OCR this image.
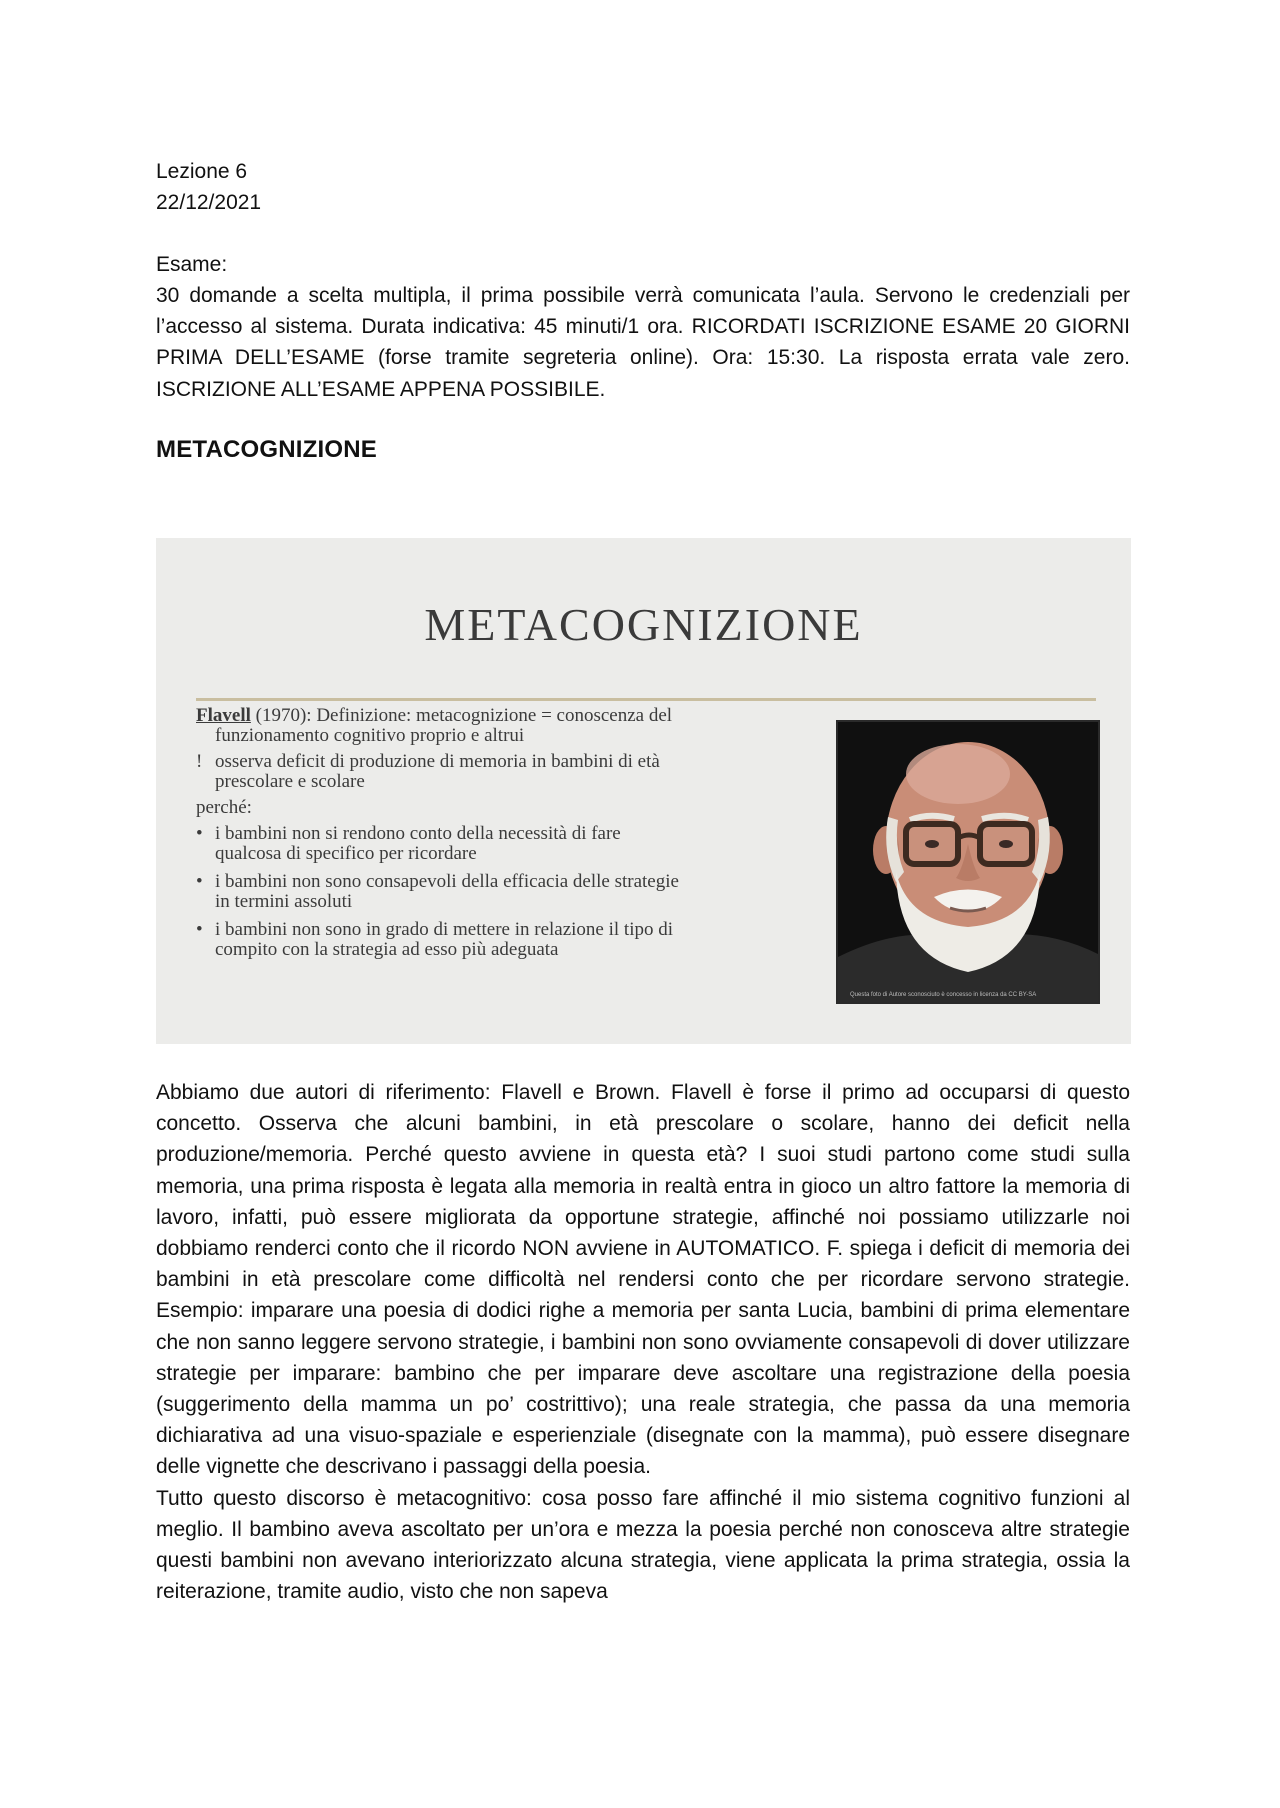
Lezione 6

22/12/2021

Esame:

30 domande a scelta multipla, il prima possibile verrà comunicata l’aula. Servono le credenziali per l’accesso al sistema. Durata indicativa: 45 minuti/1 ora. RICORDATI ISCRIZIONE ESAME 20 GIORNI PRIMA DELL’ESAME (forse tramite segreteria online). Ora: 15:30. La risposta errata vale zero. ISCRIZIONE ALL’ESAME APPENA POSSIBILE.

METACOGNIZIONE

METACOGNIZIONE

Flavell (1970): Definizione: metacognizione = conoscenza del

funzionamento cognitivo proprio e altrui

! osserva deficit di produzione di memoria in bambini di età
prescolare e scolare

perché:

• i bambini non si rendono conto della necessità di fare
qualcosa di specifico per ricordare
• i bambini non sono consapevoli della efficacia delle strategie
in termini assoluti
• i bambini non sono in grado di mettere in relazione il tipo di
compito con la strategia ad esso più adeguata
Questa foto di Autore sconosciuto è concesso in licenza da CC BY-SA

Abbiamo due autori di riferimento: Flavell e Brown. Flavell è forse il primo ad occuparsi di questo concetto. Osserva che alcuni bambini, in età prescolare o scolare, hanno dei deficit nella produzione/memoria. Perché questo avviene in questa età? I suoi studi partono come studi sulla memoria, una prima risposta è legata alla memoria in realtà entra in gioco un altro fattore la memoria di lavoro, infatti, può essere migliorata da opportune strategie, affinché noi possiamo utilizzarle noi dobbiamo renderci conto che il ricordo NON avviene in AUTOMATICO. F. spiega i deficit di memoria dei bambini in età prescolare come difficoltà nel rendersi conto che per ricordare servono strategie. Esempio: imparare una poesia di dodici righe a memoria per santa Lucia, bambini di prima elementare che non sanno leggere servono strategie, i bambini non sono ovviamente consapevoli di dover utilizzare strategie per imparare: bambino che per imparare deve ascoltare una registrazione della poesia (suggerimento della mamma un po’ costrittivo); una reale strategia, che passa da una memoria dichiarativa ad una visuo-spaziale e esperienziale (disegnate con la mamma), può essere disegnare delle vignette che descrivano i passaggi della poesia.

Tutto questo discorso è metacognitivo: cosa posso fare affinché il mio sistema cognitivo funzioni al meglio. Il bambino aveva ascoltato per un’ora e mezza la poesia perché non conosceva altre strategie questi bambini non avevano interiorizzato alcuna strategia, viene applicata la prima strategia, ossia la reiterazione, tramite audio, visto che non sapeva
